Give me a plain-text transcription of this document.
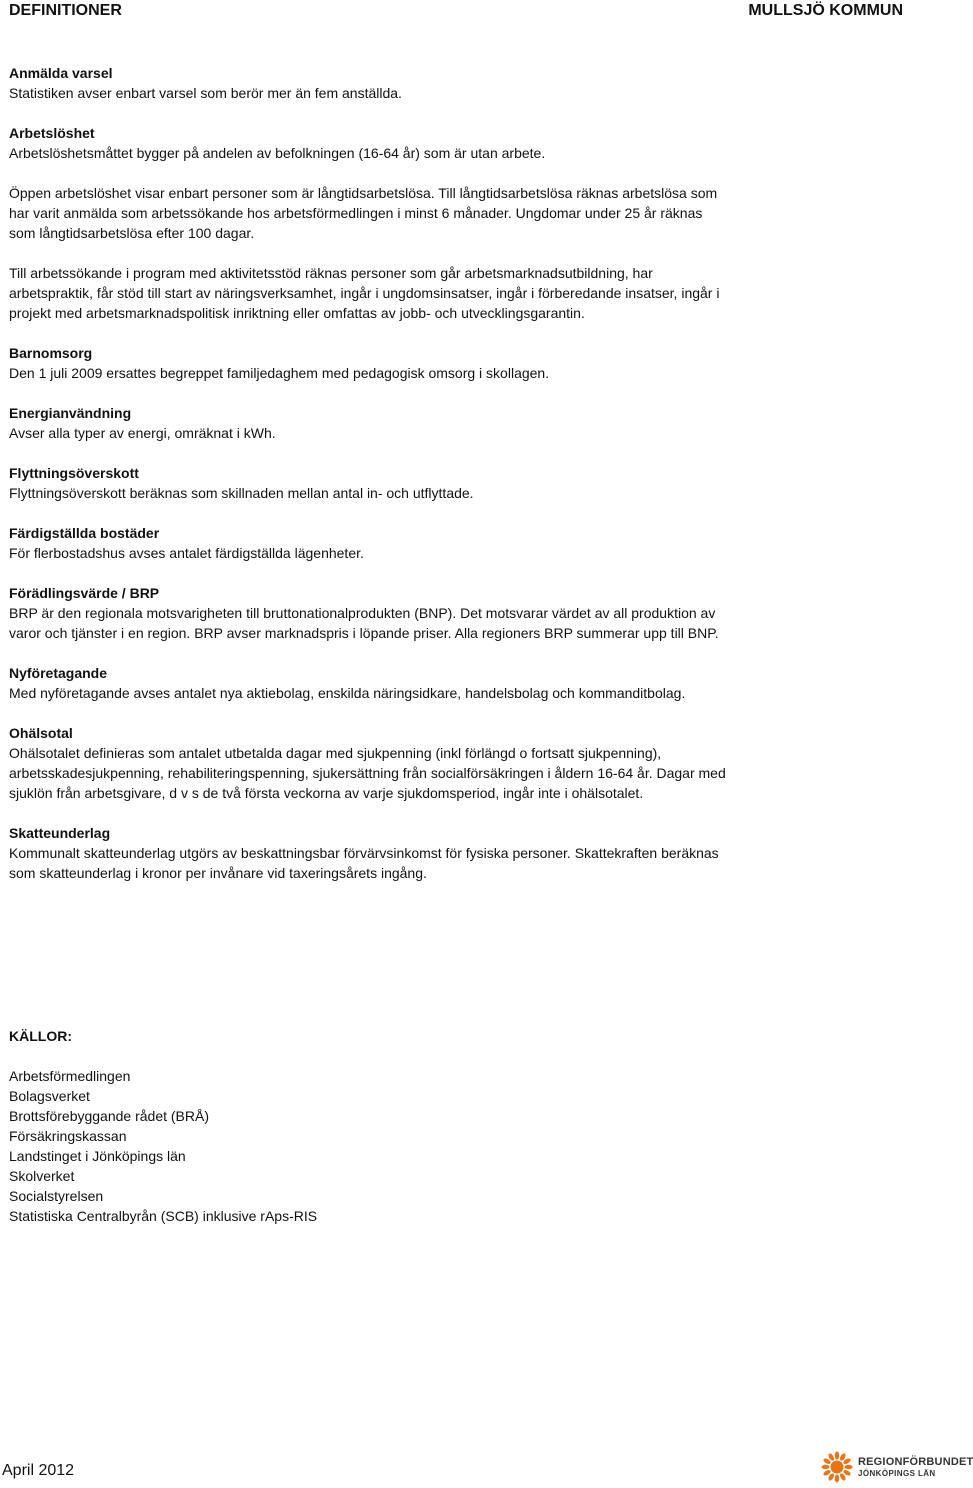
DEFINITIONER	MULLSJÖ KOMMUN
Anmälda varsel
Statistiken avser enbart varsel som berör mer än fem anställda.
Arbetslöshet
Arbetslöshetsmåttet bygger på andelen av befolkningen (16-64 år) som är utan arbete.
Öppen arbetslöshet visar enbart personer som är långtidsarbetslösa. Till långtidsarbetslösa räknas arbetslösa som har varit anmälda som arbetssökande hos arbetsförmedlingen i minst 6 månader. Ungdomar under 25 år räknas som långtidsarbetslösa efter 100 dagar.
Till arbetssökande i program med aktivitetsstöd räknas personer som går arbetsmarknadsutbildning, har arbetspraktik, får stöd till start av näringsverksamhet, ingår i ungdomsinsatser, ingår i förberedande insatser, ingår i projekt med arbetsmarknadspolitisk inriktning eller omfattas av jobb- och utvecklingsgarantin.
Barnomsorg
Den 1 juli 2009 ersattes begreppet familjedaghem med pedagogisk omsorg i skollagen.
Energianvändning
Avser alla typer av energi, omräknat i kWh.
Flyttningsöverskott
Flyttningsöverskott beräknas som skillnaden mellan antal in- och utflyttade.
Färdigställda bostäder
För flerbostadshus avses antalet färdigställda lägenheter.
Förädlingsvärde / BRP
BRP är den regionala motsvarigheten till bruttonationalprodukten (BNP). Det motsvarar värdet av all produktion av varor och tjänster i en region. BRP avser marknadspris i löpande priser. Alla regioners BRP summerar upp till BNP.
Nyföretagande
Med nyföretagande avses antalet nya aktiebolag, enskilda näringsidkare, handelsbolag och kommanditbolag.
Ohälsotal
Ohälsotalet definieras som antalet utbetalda dagar med sjukpenning (inkl förlängd o fortsatt sjukpenning), arbetsskadesjukpenning, rehabiliteringspenning, sjukersättning från socialförsäkringen i åldern 16-64 år. Dagar med sjuklön från arbetsgivare, d v s de två första veckorna av varje sjukdomsperiod, ingår inte i ohälsotalet.
Skatteunderlag
Kommunalt skatteunderlag utgörs av beskattningsbar förvärvsinkomst för fysiska personer. Skattekraften beräknas som skatteunderlag i kronor per invånare vid taxeringsårets ingång.
KÄLLOR:
Arbetsförmedlingen
Bolagsverket
Brottsförebyggande rådet (BRÅ)
Försäkringskassan
Landstinget i Jönköpings län
Skolverket
Socialstyrelsen
Statistiska Centralbyrån (SCB) inklusive rAps-RIS
April 2012	REGIONFÖRBUNDET
JÖNKÖPINGS LÄN
